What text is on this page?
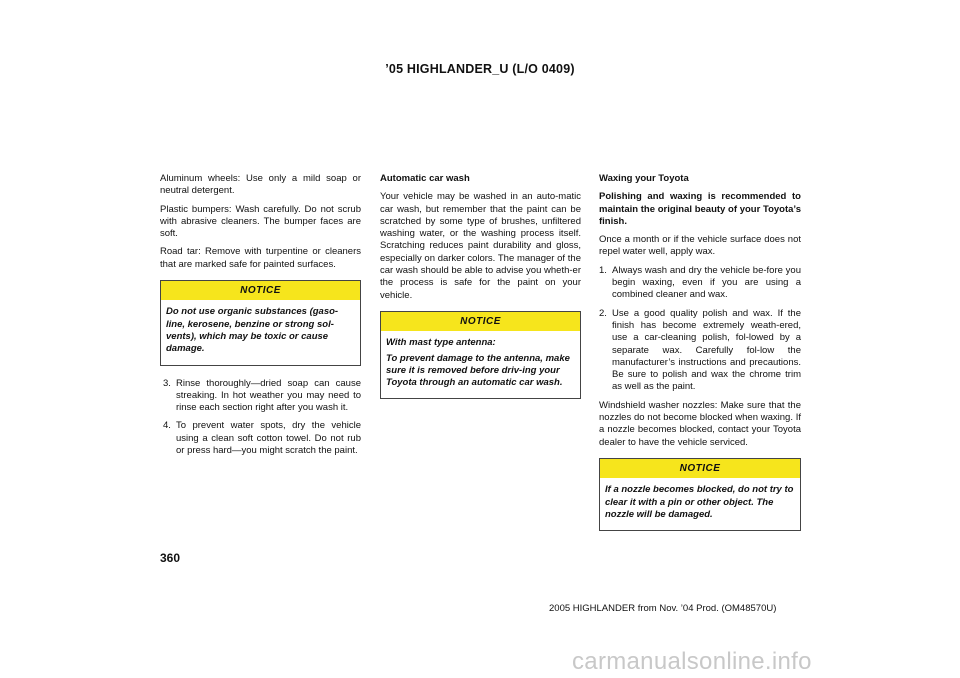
’05 HIGHLANDER_U (L/O 0409)

Aluminum wheels: Use only a mild soap or neutral detergent.

Plastic bumpers: Wash carefully. Do not scrub with abrasive cleaners. The bumper faces are soft.

Road tar: Remove with turpentine or cleaners that are marked safe for painted surfaces.

NOTICE

Do not use organic substances (gaso-line, kerosene, benzine or strong sol-vents), which may be toxic or cause damage.

3. Rinse thoroughly—dried soap can cause streaking. In hot weather you may need to rinse each section right after you wash it.
4. To prevent water spots, dry the vehicle using a clean soft cotton towel. Do not rub or press hard—you might scratch the paint.
Automatic car wash

Your vehicle may be washed in an auto-matic car wash, but remember that the paint can be scratched by some type of brushes, unfiltered washing water, or the washing process itself. Scratching reduces paint durability and gloss, especially on darker colors. The manager of the car wash should be able to advise you wheth-er the process is safe for the paint on your vehicle.

NOTICE

With mast type antenna:

To prevent damage to the antenna, make sure it is removed before driv-ing your Toyota through an automatic car wash.

Waxing your Toyota

Polishing and waxing is recommended to maintain the original beauty of your Toyota’s finish.

Once a month or if the vehicle surface does not repel water well, apply wax.

1. Always wash and dry the vehicle be-fore you begin waxing, even if you are using a combined cleaner and wax.
2. Use a good quality polish and wax. If the finish has become extremely weath-ered, use a car-cleaning polish, fol-lowed by a separate wax. Carefully fol-low the manufacturer’s instructions and precautions. Be sure to polish and wax the chrome trim as well as the paint.

Windshield washer nozzles: Make sure that the nozzles do not become blocked when waxing. If a nozzle becomes blocked, contact your Toyota dealer to have the vehicle serviced.

NOTICE

If a nozzle becomes blocked, do not try to clear it with a pin or other object. The nozzle will be damaged.

360
2005 HIGHLANDER from Nov. ’04 Prod. (OM48570U)
carmanualsonline.info
